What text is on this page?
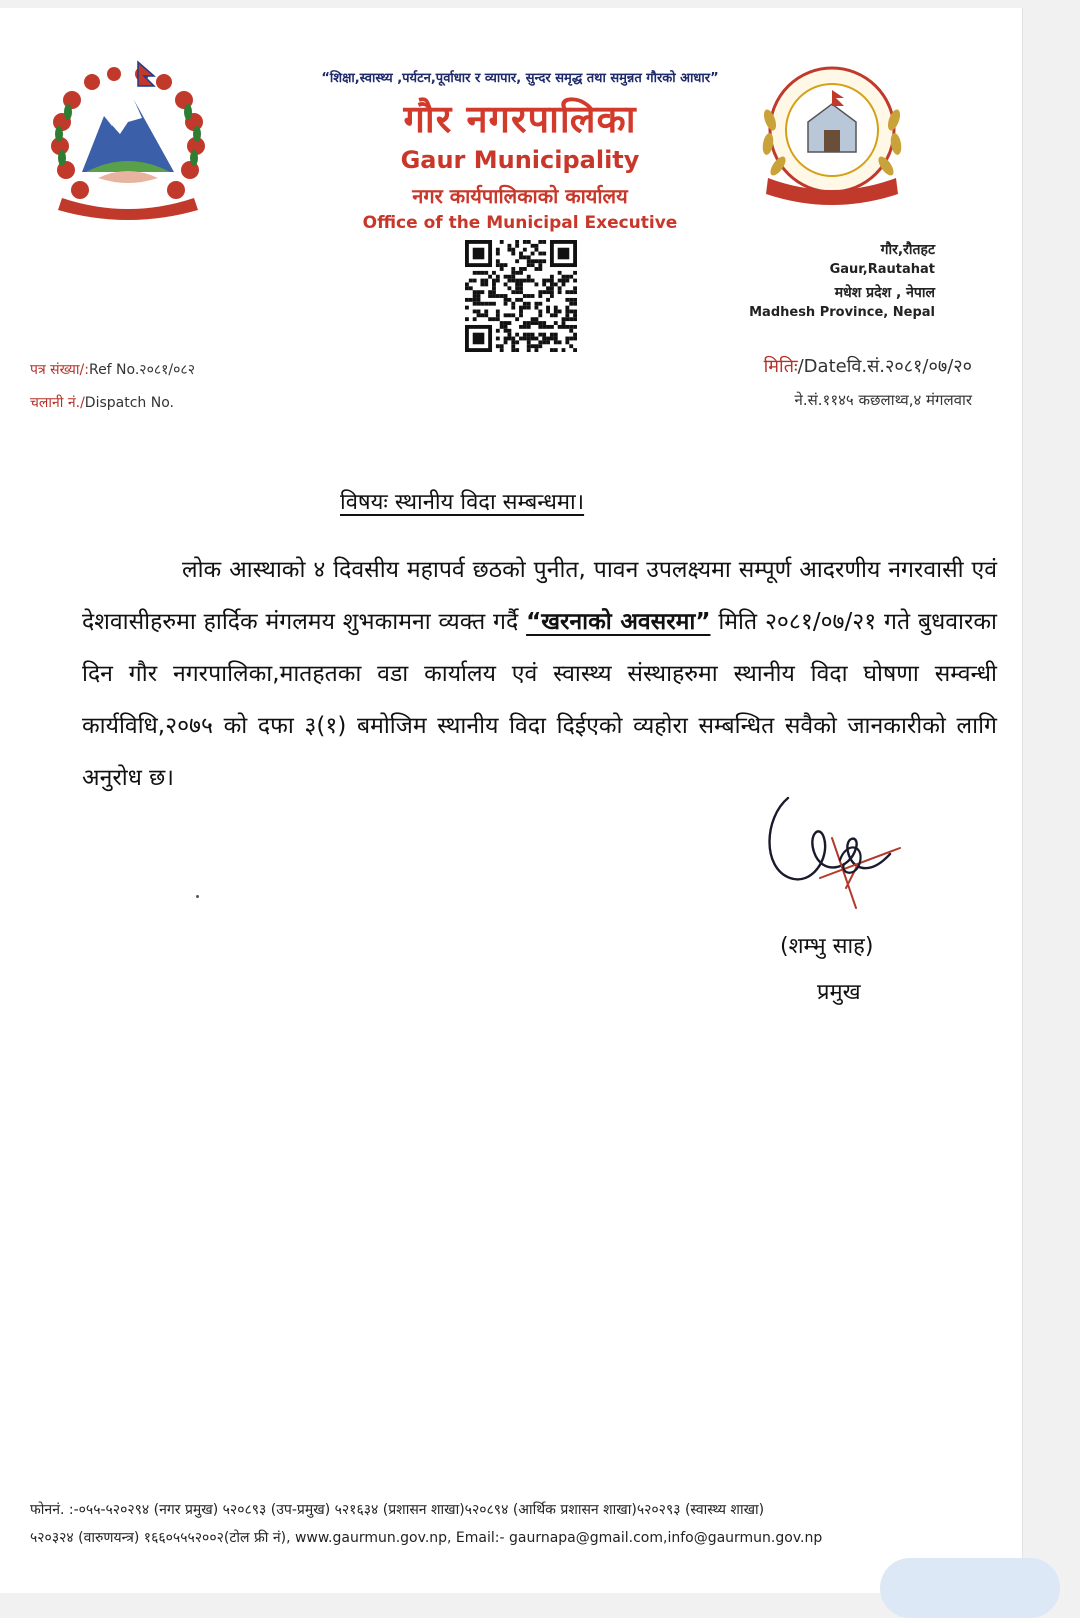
“शिक्षा,स्वास्थ्य ,पर्यटन,पूर्वाधार र व्यापार, सुन्दर समृद्ध तथा समुन्नत गौरको आधार”
गौर नगरपालिका
Gaur Municipality
नगर कार्यपालिकाको कार्यालय
Office of the Municipal Executive
गौर,रौतहट
Gaur,Rautahat
मधेश प्रदेश , नेपाल
Madhesh Province, Nepal
पत्र संख्या/:Ref No.२०८१/०८२
चलानी नं./Dispatch No.
मितिः/Dateवि.सं.२०८१/०७/२०
ने.सं.११४५ कछलाथ्व,४ मंगलवार
विषयः स्थानीय विदा सम्बन्धमा।

लोक आस्थाको ४ दिवसीय महापर्व छठको पुनीत, पावन उपलक्ष्यमा सम्पूर्ण आदरणीय नगरवासी एवं देशवासीहरुमा हार्दिक मंगलमय शुभकामना व्यक्त गर्दै “खरनाको अवसरमा” मिति २०८१/०७/२१ गते बुधवारका दिन गौर नगरपालिका,मातहतका वडा कार्यालय एवं स्वास्थ्य संस्थाहरुमा स्थानीय विदा घोषणा सम्वन्धी कार्यविधि,२०७५ को दफा ३(१) बमोजिम स्थानीय विदा दिईएको व्यहोरा सम्बन्धित सवैको जानकारीको लागि अनुरोध छ।

(शम्भु साह)
प्रमुख
फोननं. :-०५५-५२०२९४ (नगर प्रमुख) ५२०८९३ (उप-प्रमुख) ५२१६३४ (प्रशासन शाखा)५२०८९४ (आर्थिक प्रशासन शाखा)५२०२९३ (स्वास्थ्य शाखा)
५२०३२४ (वारुणयन्त्र) १६६०५५५२००२(टोल फ्री नं), www.gaurmun.gov.np, Email:- gaurnapa@gmail.com,info@gaurmun.gov.np
